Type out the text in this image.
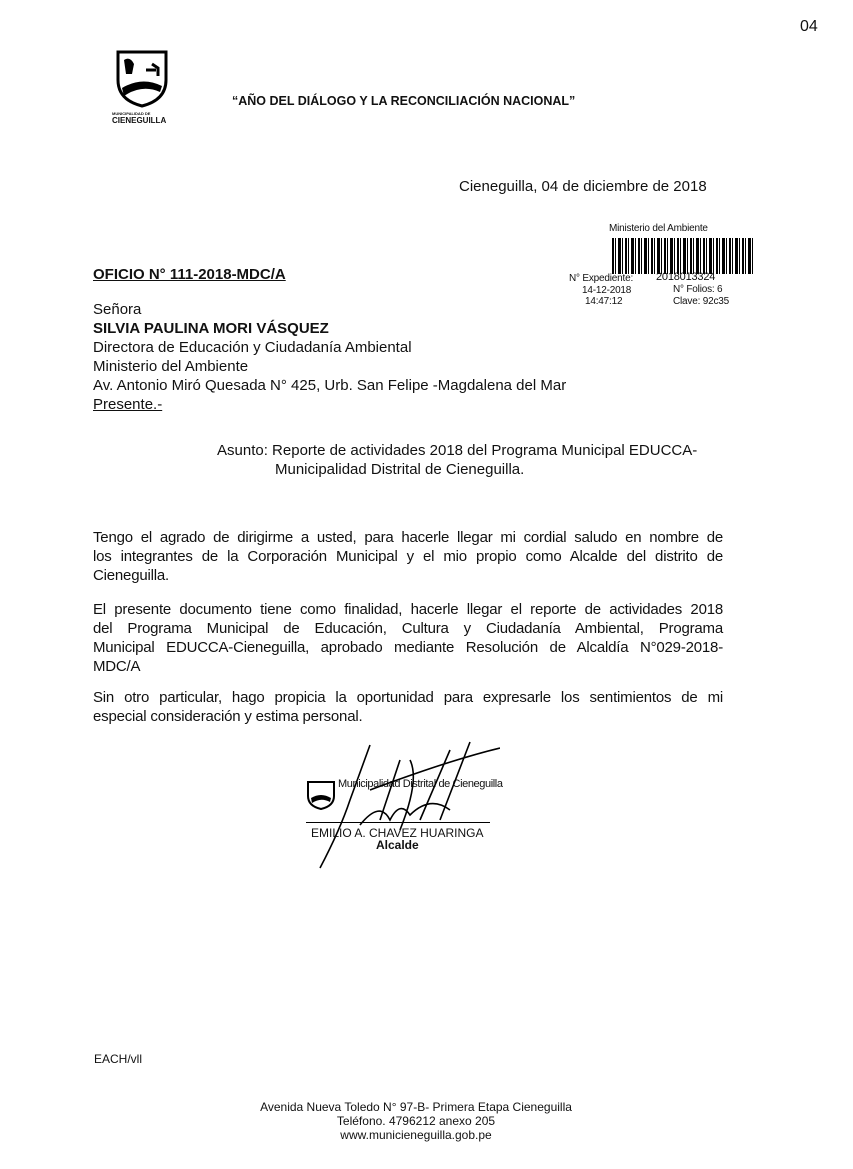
04
MUNICIPALIDAD DE
CIENEGUILLA
“AÑO DEL DIÁLOGO Y LA RECONCILIACIÓN NACIONAL”
Cieneguilla, 04 de diciembre de 2018
Ministerio del Ambiente
N° Expediente: 2018013324
14-12-2018
14:47:12
N° Folios: 6
Clave: 92c35
OFICIO N° 111-2018-MDC/A
Señora
SILVIA PAULINA MORI VÁSQUEZ
Directora de Educación y Ciudadanía Ambiental
Ministerio del Ambiente
Av. Antonio Miró Quesada N° 425, Urb. San Felipe -Magdalena del Mar
Presente.-
Asunto: Reporte de actividades 2018 del Programa Municipal EDUCCA-
Municipalidad Distrital de Cieneguilla.
Tengo el agrado de dirigirme a usted, para hacerle llegar mi cordial saludo en nombre de
los integrantes de la Corporación Municipal y el mio propio como Alcalde del distrito de
Cieneguilla.
El presente documento tiene como finalidad, hacerle llegar el reporte de actividades 2018
del Programa Municipal de Educación, Cultura y Ciudadanía Ambiental, Programa
Municipal EDUCCA-Cieneguilla, aprobado mediante Resolución de Alcaldía N°029-2018-
MDC/A
Sin otro particular, hago propicia la oportunidad para expresarle los sentimientos de mi
especial consideración y estima personal.
Municipalidad Distrital de Cieneguilla
EMILIO A. CHAVEZ HUARINGA
Alcalde
EACH/vll
Avenida Nueva Toledo N° 97-B- Primera Etapa Cieneguilla
Teléfono. 4796212 anexo 205
www.municieneguilla.gob.pe
